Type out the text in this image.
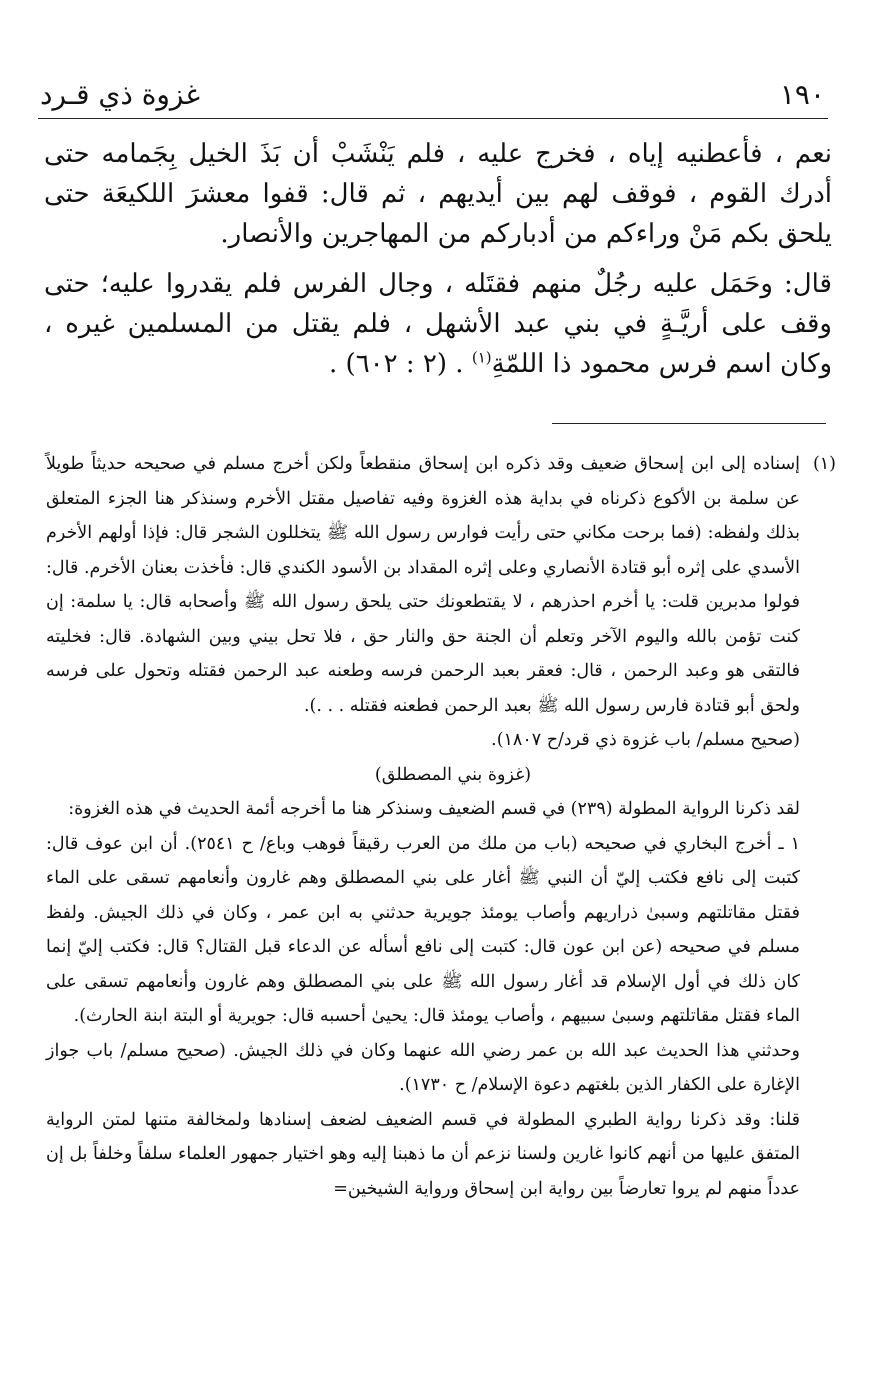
١٩٠
غزوة ذي قـرد

نعم ، فأعطنيه إياه ، فخرج عليه ، فلم يَنْشَبْ أن بَذَ الخيل بِجَمامه حتى أدرك القوم ، فوقف لهم بين أيديهم ، ثم قال: قفوا معشرَ اللكيعَة حتى يلحق بكم مَنْ وراءكم من أدباركم من المهاجرين والأنصار.

قال: وحَمَل عليه رجُلٌ منهم فقتَله ، وجال الفرس فلم يقدروا عليه؛ حتى وقف على أريَّـةٍ في بني عبد الأشهل ، فلم يقتل من المسلمين غيره ، وكان اسم فرس محمود ذا اللمّةِ$^{(١)}$ . (٢ : ٦٠٢) .

(١)

إسناده إلى ابن إسحاق ضعيف وقد ذكره ابن إسحاق منقطعاً ولكن أخرج مسلم في صحيحه حديثاً طويلاً عن سلمة بن الأكوع ذكرناه في بداية هذه الغزوة وفيه تفاصيل مقتل الأخرم وسنذكر هنا الجزء المتعلق بذلك ولفظه: (فما برحت مكاني حتى رأيت فوارس رسول الله ﷺ يتخللون الشجر قال: فإذا أولهم الأخرم الأسدي على إثره أبو قتادة الأنصاري وعلى إثره المقداد بن الأسود الكندي قال: فأخذت بعنان الأخرم. قال: فولوا مدبرين قلت: يا أخرم احذرهم ، لا يقتطعونك حتى يلحق رسول الله ﷺ وأصحابه قال: يا سلمة: إن كنت تؤمن بالله واليوم الآخر وتعلم أن الجنة حق والنار حق ، فلا تحل بيني وبين الشهادة. قال: فخليته فالتقى هو وعبد الرحمن ، قال: فعقر بعبد الرحمن فرسه وطعنه عبد الرحمن فقتله وتحول على فرسه ولحق أبو قتادة فارس رسول الله ﷺ بعبد الرحمن فطعنه فقتله . . .).

(صحيح مسلم/ باب غزوة ذي قرد/ح ١٨٠٧).

(غزوة بني المصطلق)

لقد ذكرنا الرواية المطولة (٢٣٩) في قسم الضعيف وسنذكر هنا ما أخرجه أئمة الحديث في هذه الغزوة:

١ ـ أخرج البخاري في صحيحه (باب من ملك من العرب رقيقاً فوهب وباع/ ح ٢٥٤١). أن ابن عوف قال: كتبت إلى نافع فكتب إليّ أن النبي ﷺ أغار على بني المصطلق وهم غارون وأنعامهم تسقى على الماء فقتل مقاتلتهم وسبىٰ ذراريهم وأصاب يومئذ جويرية حدثني به ابن عمر ، وكان في ذلك الجيش. ولفظ مسلم في صحيحه (عن ابن عون قال: كتبت إلى نافع أسأله عن الدعاء قبل القتال؟ قال: فكتب إليّ إنما كان ذلك في أول الإسلام قد أغار رسول الله ﷺ على بني المصطلق وهم غارون وأنعامهم تسقى على الماء فقتل مقاتلتهم وسبىٰ سبيهم ، وأصاب يومئذ قال: يحيىٰ أحسبه قال: جويرية أو البتة ابنة الحارث).

وحدثني هذا الحديث عبد الله بن عمر رضي الله عنهما وكان في ذلك الجيش. (صحيح مسلم/ باب جواز الإغارة على الكفار الذين بلغتهم دعوة الإسلام/ ح ١٧٣٠).

قلنا: وقد ذكرنا رواية الطبري المطولة في قسم الضعيف لضعف إسنادها ولمخالفة متنها لمتن الرواية المتفق عليها من أنهم كانوا غارين ولسنا نزعم أن ما ذهبنا إليه وهو اختيار جمهور العلماء سلفاً وخلفاً بل إن عدداً منهم لم يروا تعارضاً بين رواية ابن إسحاق ورواية الشيخين=
